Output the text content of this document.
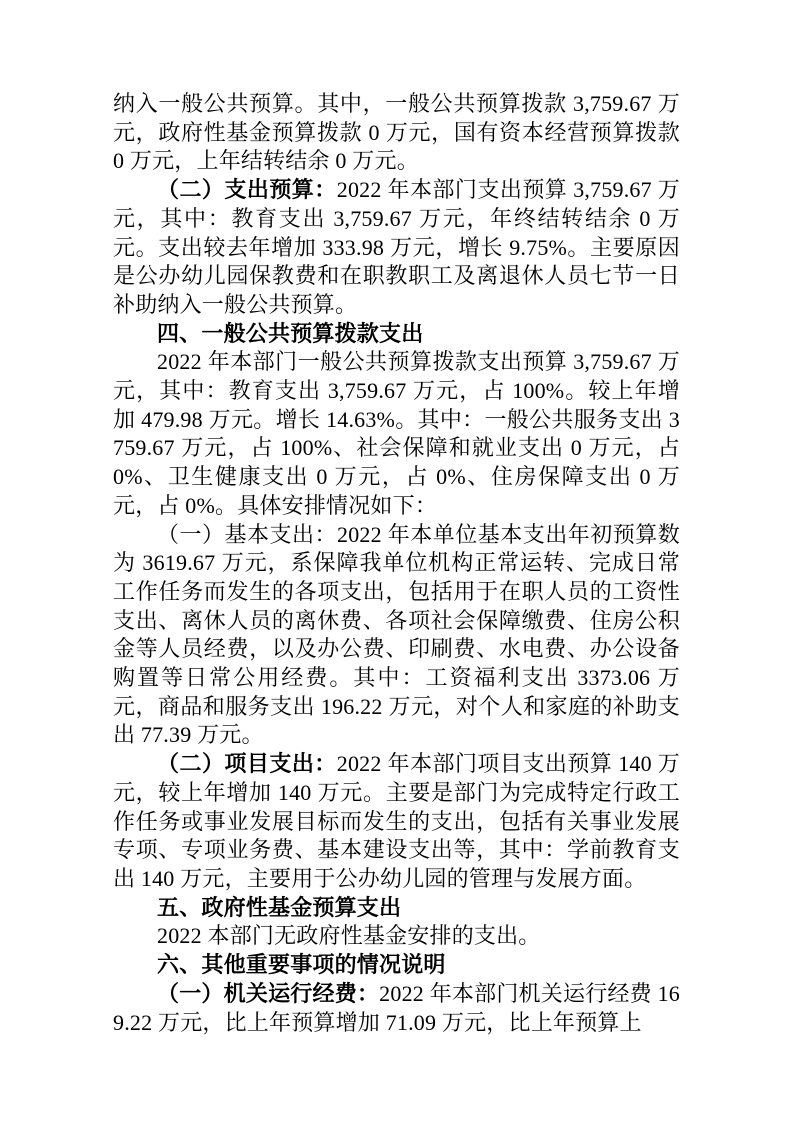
纳入一般公共预算。其中，一般公共预算拨款 3,759.67 万元，政府性基金预算拨款 0 万元，国有资本经营预算拨款 0 万元，上年结转结余 0 万元。

（二）支出预算：2022 年本部门支出预算 3,759.67 万元，其中：教育支出 3,759.67 万元，年终结转结余 0 万元。支出较去年增加 333.98 万元，增长 9.75%。主要原因是公办幼儿园保教费和在职教职工及离退休人员七节一日补助纳入一般公共预算。

四、一般公共预算拨款支出

2022 年本部门一般公共预算拨款支出预算 3,759.67 万元，其中：教育支出 3,759.67 万元，占 100%。较上年增加 479.98 万元。增长 14.63%。其中：一般公共服务支出 3759.67 万元，占 100%、社会保障和就业支出 0 万元，占 0%、卫生健康支出 0 万元，占 0%、住房保障支出 0 万元，占 0%。具体安排情况如下：

（一）基本支出：2022 年本单位基本支出年初预算数为 3619.67 万元，系保障我单位机构正常运转、完成日常工作任务而发生的各项支出，包括用于在职人员的工资性支出、离休人员的离休费、各项社会保障缴费、住房公积金等人员经费，以及办公费、印刷费、水电费、办公设备购置等日常公用经费。其中：工资福利支出 3373.06 万元，商品和服务支出 196.22 万元，对个人和家庭的补助支出 77.39 万元。

（二）项目支出：2022 年本部门项目支出预算 140 万元，较上年增加 140 万元。主要是部门为完成特定行政工作任务或事业发展目标而发生的支出，包括有关事业发展专项、专项业务费、基本建设支出等，其中：学前教育支出 140 万元，主要用于公办幼儿园的管理与发展方面。

五、政府性基金预算支出

2022 本部门无政府性基金安排的支出。

六、其他重要事项的情况说明

（一）机关运行经费：2022 年本部门机关运行经费 169.22 万元，比上年预算增加 71.09 万元，比上年预算上
